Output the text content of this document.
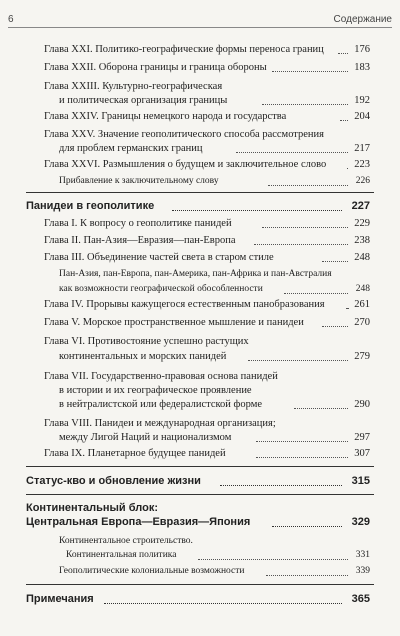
6	Содержание
Глава XXI. Политико-географические формы переноса границ	176
Глава XXII. Оборона границы и граница обороны	183
Глава XXIII. Культурно-географическая
и политическая организация границы	192
Глава XXIV. Границы немецкого народа и государства	204
Глава XXV. Значение геополитического способа рассмотрения
для проблем германских границ	217
Глава XXVI. Размышления о будущем и заключительное слово	223
Прибавление к заключительному слову	226
Панидеи в геополитике	227
Глава I. К вопросу о геополитике панидей	229
Глава II. Пан-Азия—Евразия—пан-Европа	238
Глава III. Объединение частей света в старом стиле	248
Пан-Азия, пан-Европа, пан-Америка, пан-Африка и пан-Австралия
как возможности географической обособленности	248
Глава IV. Прорывы кажущегося естественным панобразования	261
Глава V. Морское пространственное мышление и панидеи	270
Глава VI. Противостояние успешно растущих
континентальных и морских панидей	279
Глава VII. Государственно-правовая основа панидей
в истории и их географическое проявление
в нейтралистской или федералистской форме	290
Глава VIII. Панидеи и международная организация;
между Лигой Наций и национализмом	297
Глава IX. Планетарное будущее панидей	307
Статус-кво и обновление жизни	315
Континентальный блок:
Центральная Европа—Евразия—Япония	329
Континентальное строительство.
Континентальная политика	331
Геополитические колониальные возможности	339
Примечания	365
